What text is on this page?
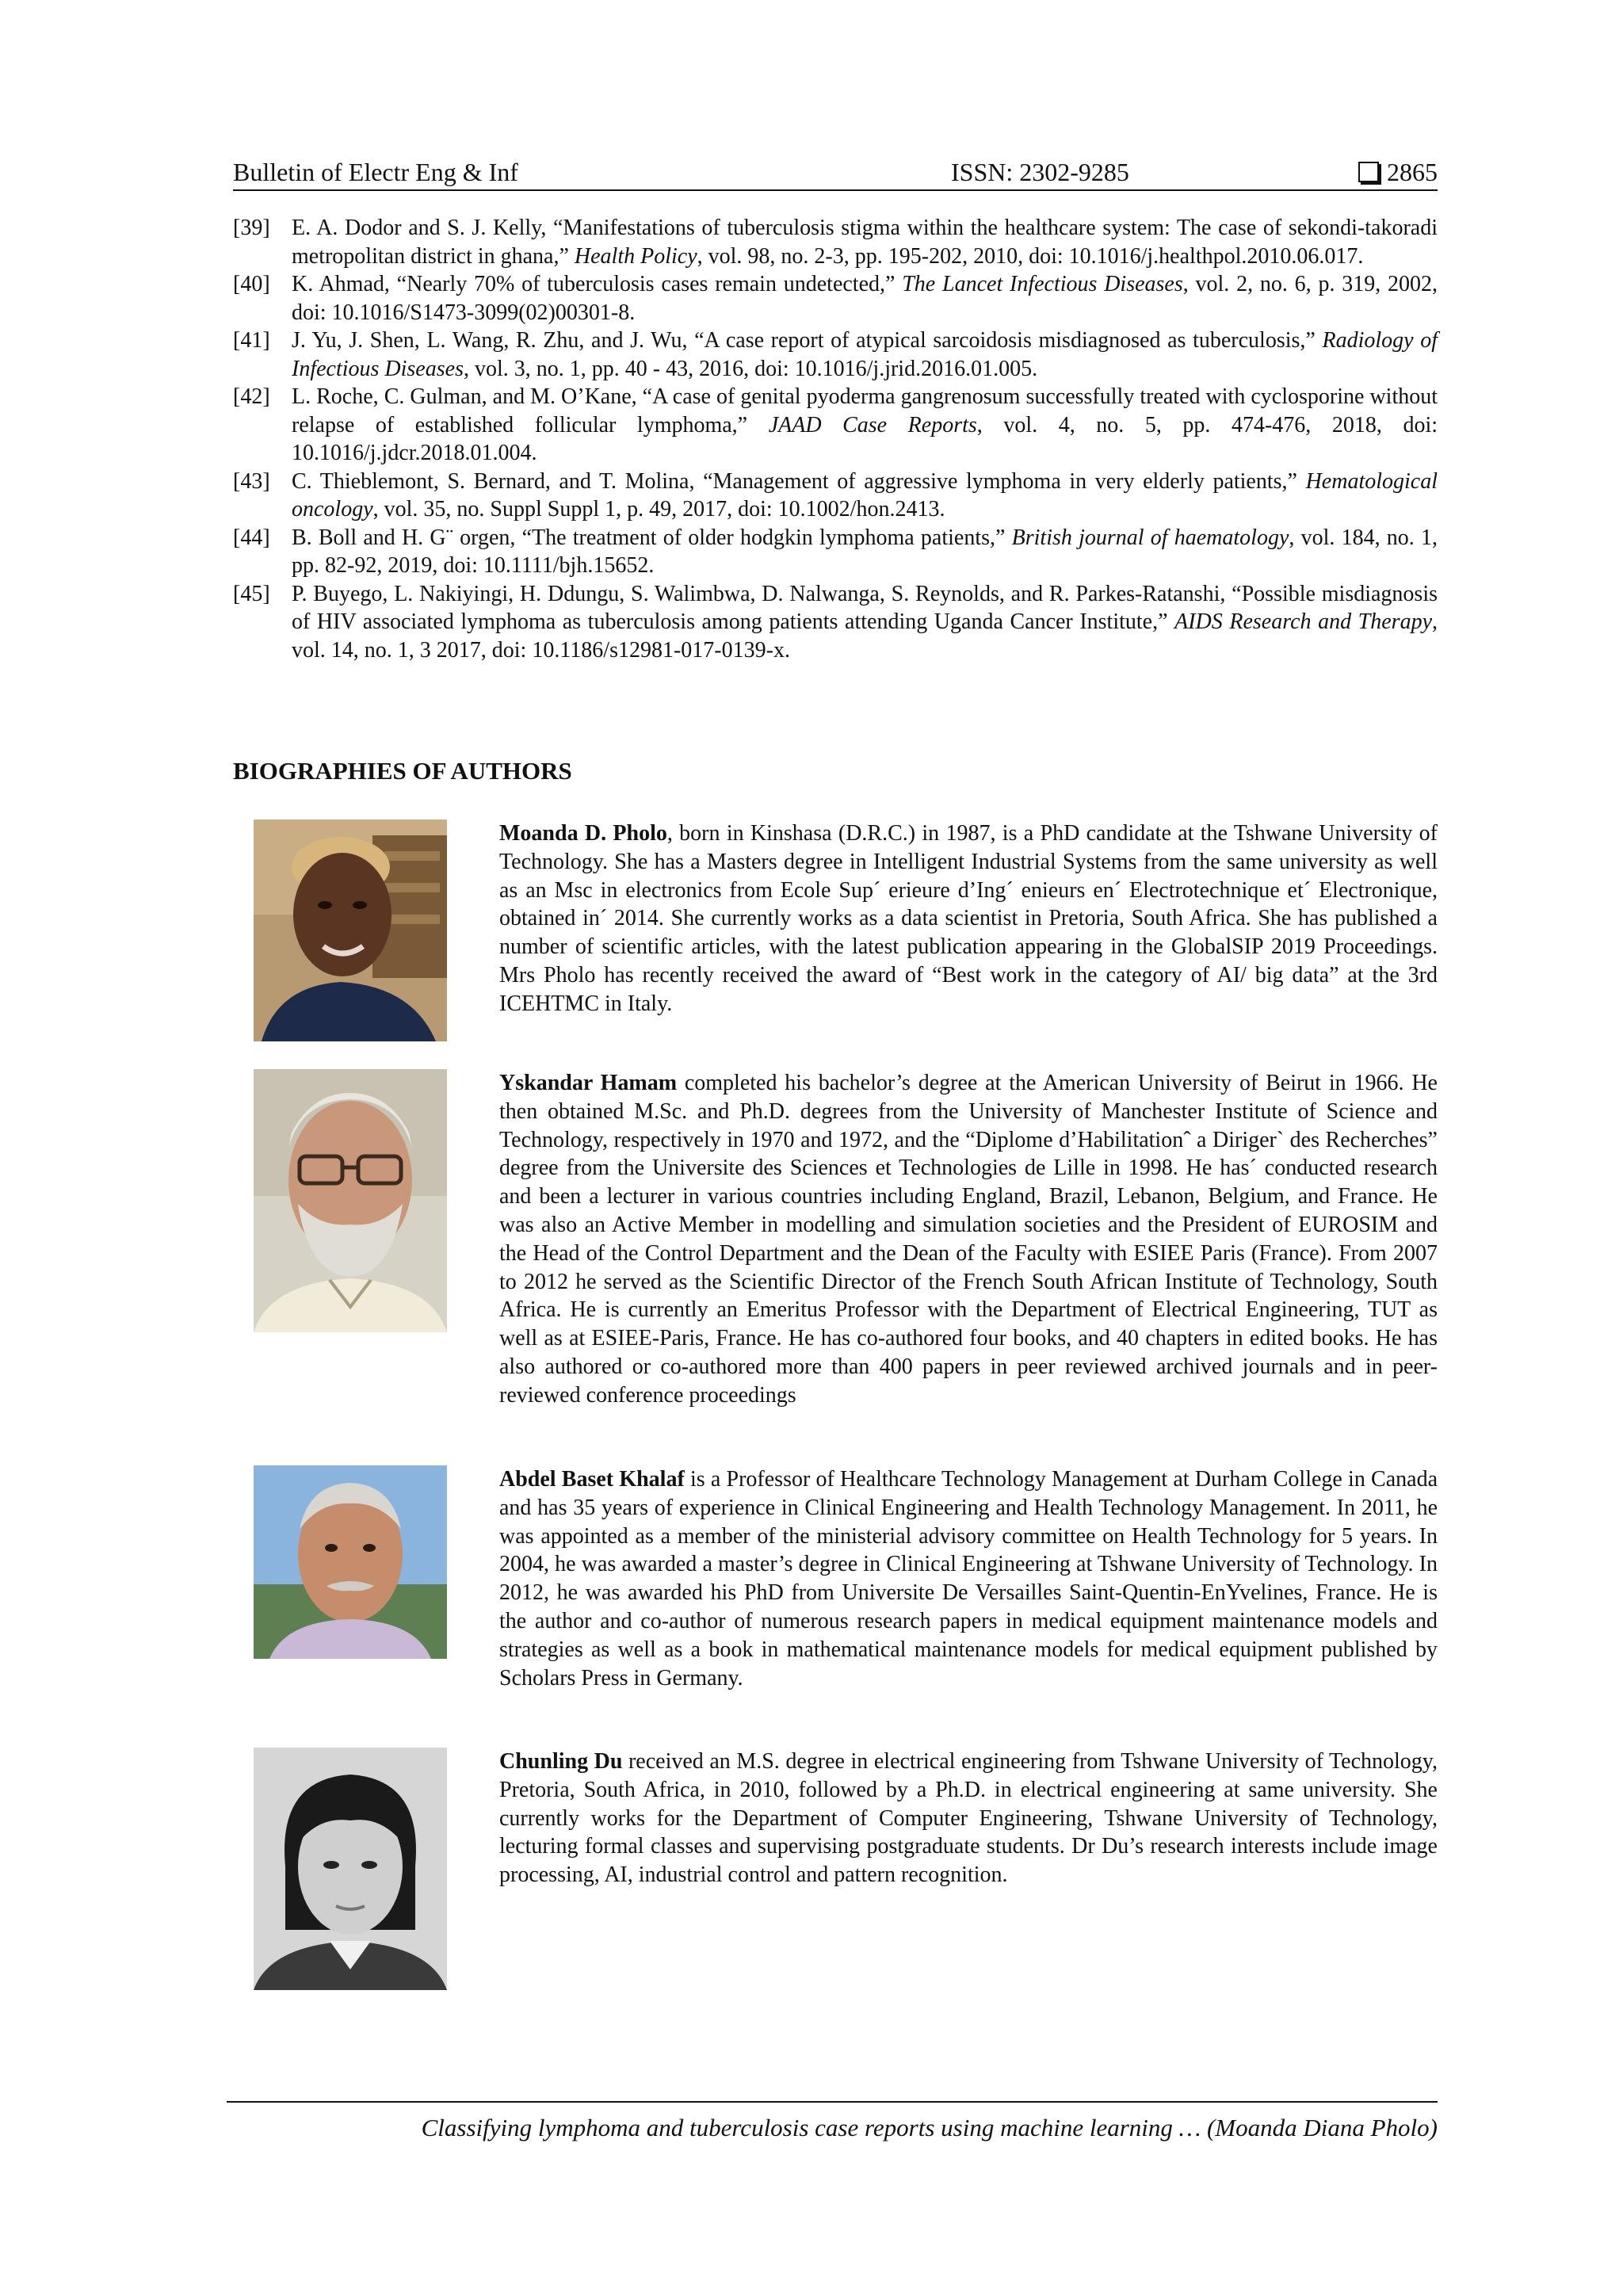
Bulletin of Electr Eng & Inf	ISSN: 2302-9285	2865
[39] E. A. Dodor and S. J. Kelly, “Manifestations of tuberculosis stigma within the healthcare system: The case of sekondi-takoradi metropolitan district in ghana,” Health Policy, vol. 98, no. 2-3, pp. 195-202, 2010, doi: 10.1016/j.healthpol.2010.06.017.
[40] K. Ahmad, “Nearly 70% of tuberculosis cases remain undetected,” The Lancet Infectious Diseases, vol. 2, no. 6, p. 319, 2002, doi: 10.1016/S1473-3099(02)00301-8.
[41] J. Yu, J. Shen, L. Wang, R. Zhu, and J. Wu, “A case report of atypical sarcoidosis misdiagnosed as tuberculosis,” Radiology of Infectious Diseases, vol. 3, no. 1, pp. 40 - 43, 2016, doi: 10.1016/j.jrid.2016.01.005.
[42] L. Roche, C. Gulman, and M. O’Kane, “A case of genital pyoderma gangrenosum successfully treated with cyclosporine without relapse of established follicular lymphoma,” JAAD Case Reports, vol. 4, no. 5, pp. 474-476, 2018, doi: 10.1016/j.jdcr.2018.01.004.
[43] C. Thieblemont, S. Bernard, and T. Molina, “Management of aggressive lymphoma in very elderly patients,” Hematological oncology, vol. 35, no. Suppl Suppl 1, p. 49, 2017, doi: 10.1002/hon.2413.
[44] B. Boll and H. G¨ orgen, “The treatment of older hodgkin lymphoma patients,” British journal of haematology, vol. 184, no. 1, pp. 82-92, 2019, doi: 10.1111/bjh.15652.
[45] P. Buyego, L. Nakiyingi, H. Ddungu, S. Walimbwa, D. Nalwanga, S. Reynolds, and R. Parkes-Ratanshi, “Possible misdiagnosis of HIV associated lymphoma as tuberculosis among patients attending Uganda Cancer Institute,” AIDS Research and Therapy, vol. 14, no. 1, 3 2017, doi: 10.1186/s12981-017-0139-x.
BIOGRAPHIES OF AUTHORS
Moanda D. Pholo, born in Kinshasa (D.R.C.) in 1987, is a PhD candidate at the Tshwane University of Technology. She has a Masters degree in Intelligent Industrial Systems from the same university as well as an Msc in electronics from Ecole Sup´ erieure d’Ing´ enieurs en´ Electrotechnique et´ Electronique, obtained in´ 2014. She currently works as a data scientist in Pretoria, South Africa. She has published a number of scientific articles, with the latest publication appearing in the GlobalSIP 2019 Proceedings. Mrs Pholo has recently received the award of “Best work in the category of AI/ big data” at the 3rd ICEHTMC in Italy.
Yskandar Hamam completed his bachelor’s degree at the American University of Beirut in 1966. He then obtained M.Sc. and Ph.D. degrees from the University of Manchester Institute of Science and Technology, respectively in 1970 and 1972, and the “Diplome d’Habilitationˆ a Diriger` des Recherches” degree from the Universite des Sciences et Technologies de Lille in 1998. He has´ conducted research and been a lecturer in various countries including England, Brazil, Lebanon, Belgium, and France. He was also an Active Member in modelling and simulation societies and the President of EUROSIM and the Head of the Control Department and the Dean of the Faculty with ESIEE Paris (France). From 2007 to 2012 he served as the Scientific Director of the French South African Institute of Technology, South Africa. He is currently an Emeritus Professor with the Department of Electrical Engineering, TUT as well as at ESIEE-Paris, France. He has co-authored four books, and 40 chapters in edited books. He has also authored or co-authored more than 400 papers in peer reviewed archived journals and in peer-reviewed conference proceedings
Abdel Baset Khalaf is a Professor of Healthcare Technology Management at Durham College in Canada and has 35 years of experience in Clinical Engineering and Health Technology Management. In 2011, he was appointed as a member of the ministerial advisory committee on Health Technology for 5 years. In 2004, he was awarded a master’s degree in Clinical Engineering at Tshwane University of Technology. In 2012, he was awarded his PhD from Universite De Versailles Saint-Quentin-EnYvelines, France. He is the author and co-author of numerous research papers in medical equipment maintenance models and strategies as well as a book in mathematical maintenance models for medical equipment published by Scholars Press in Germany.
Chunling Du received an M.S. degree in electrical engineering from Tshwane University of Technology, Pretoria, South Africa, in 2010, followed by a Ph.D. in electrical engineering at same university. She currently works for the Department of Computer Engineering, Tshwane University of Technology, lecturing formal classes and supervising postgraduate students. Dr Du’s research interests include image processing, AI, industrial control and pattern recognition.
Classifying lymphoma and tuberculosis case reports using machine learning … (Moanda Diana Pholo)
